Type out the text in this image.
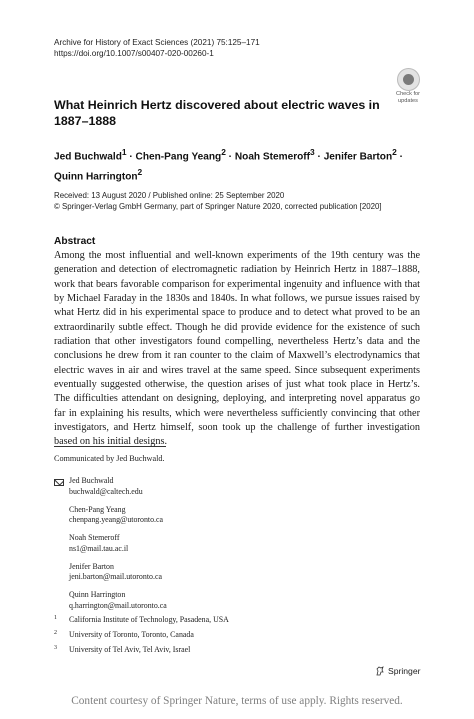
Archive for History of Exact Sciences (2021) 75:125–171
https://doi.org/10.1007/s00407-020-00260-1
Check for
updates
What Heinrich Hertz discovered about electric waves in 1887–1888
Jed Buchwald$^1$ · Chen-Pang Yeang$^2$ · Noah Stemeroff$^3$ · Jenifer Barton$^2$ · Quinn Harrington$^2$
Received: 13 August 2020 / Published online: 25 September 2020
© Springer-Verlag GmbH Germany, part of Springer Nature 2020, corrected publication [2020]
Abstract
Among the most influential and well-known experiments of the 19th century was the generation and detection of electromagnetic radiation by Heinrich Hertz in 1887–1888, work that bears favorable comparison for experimental ingenuity and influence with that by Michael Faraday in the 1830s and 1840s. In what follows, we pursue issues raised by what Hertz did in his experimental space to produce and to detect what proved to be an extraordinarily subtle effect. Though he did provide evidence for the existence of such radiation that other investigators found compelling, nevertheless Hertz’s data and the conclusions he drew from it ran counter to the claim of Maxwell’s electrodynamics that electric waves in air and wires travel at the same speed. Since subsequent experiments eventually suggested otherwise, the question arises of just what took place in Hertz’s. The difficulties attendant on designing, deploying, and interpreting novel apparatus go far in explaining his results, which were nevertheless sufficiently convincing that other investigators, and Hertz himself, soon took up the challenge of further investigation based on his initial designs.
Communicated by Jed Buchwald.
Jed Buchwald
buchwald@caltech.edu
Chen-Pang Yeang
chenpang.yeang@utoronto.ca
Noah Stemeroff
ns1@mail.tau.ac.il
Jenifer Barton
jeni.barton@mail.utoronto.ca
Quinn Harrington
q.harrington@mail.utoronto.ca
1 California Institute of Technology, Pasadena, USA
2 University of Toronto, Toronto, Canada
3 University of Tel Aviv, Tel Aviv, Israel
Springer
Content courtesy of Springer Nature, terms of use apply. Rights reserved.
